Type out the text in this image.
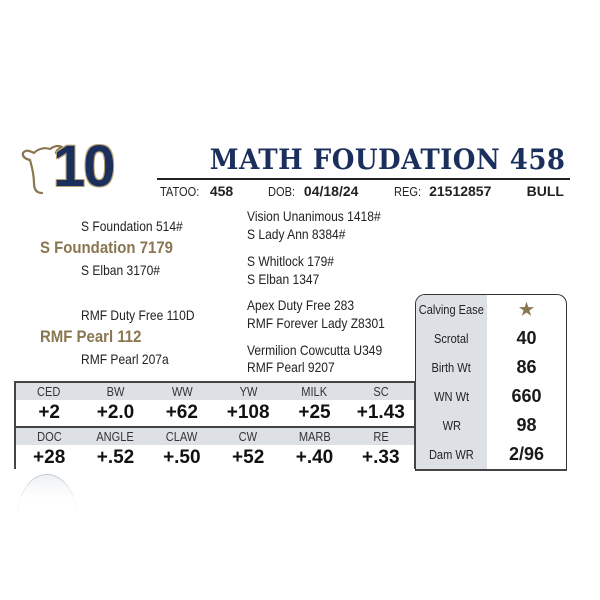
10	MATH FOUDATION 458
TATOO: 458	DOB: 04/18/24	REG: 21512857	BULL
S Foundation 514#
S Foundation 7179
S Elban 3170#
Vision Unanimous 1418#
S Lady Ann 8384#
S Whitlock 179#
S Elban 1347
RMF Duty Free 110D
RMF Pearl 112
RMF Pearl 207a
Apex Duty Free 283
RMF Forever Lady Z8301
Vermilion Cowcutta U349
RMF Pearl 9207
Calving Ease	★
Scrotal	40
Birth Wt	86
WN Wt	660
WR	98
Dam WR	2/96
CED	BW	WW	YW	MILK	SC
+2	+2.0	+62	+108	+25	+1.43
DOC	ANGLE	CLAW	CW	MARB	RE
+28	+.52	+.50	+52	+.40	+.33
